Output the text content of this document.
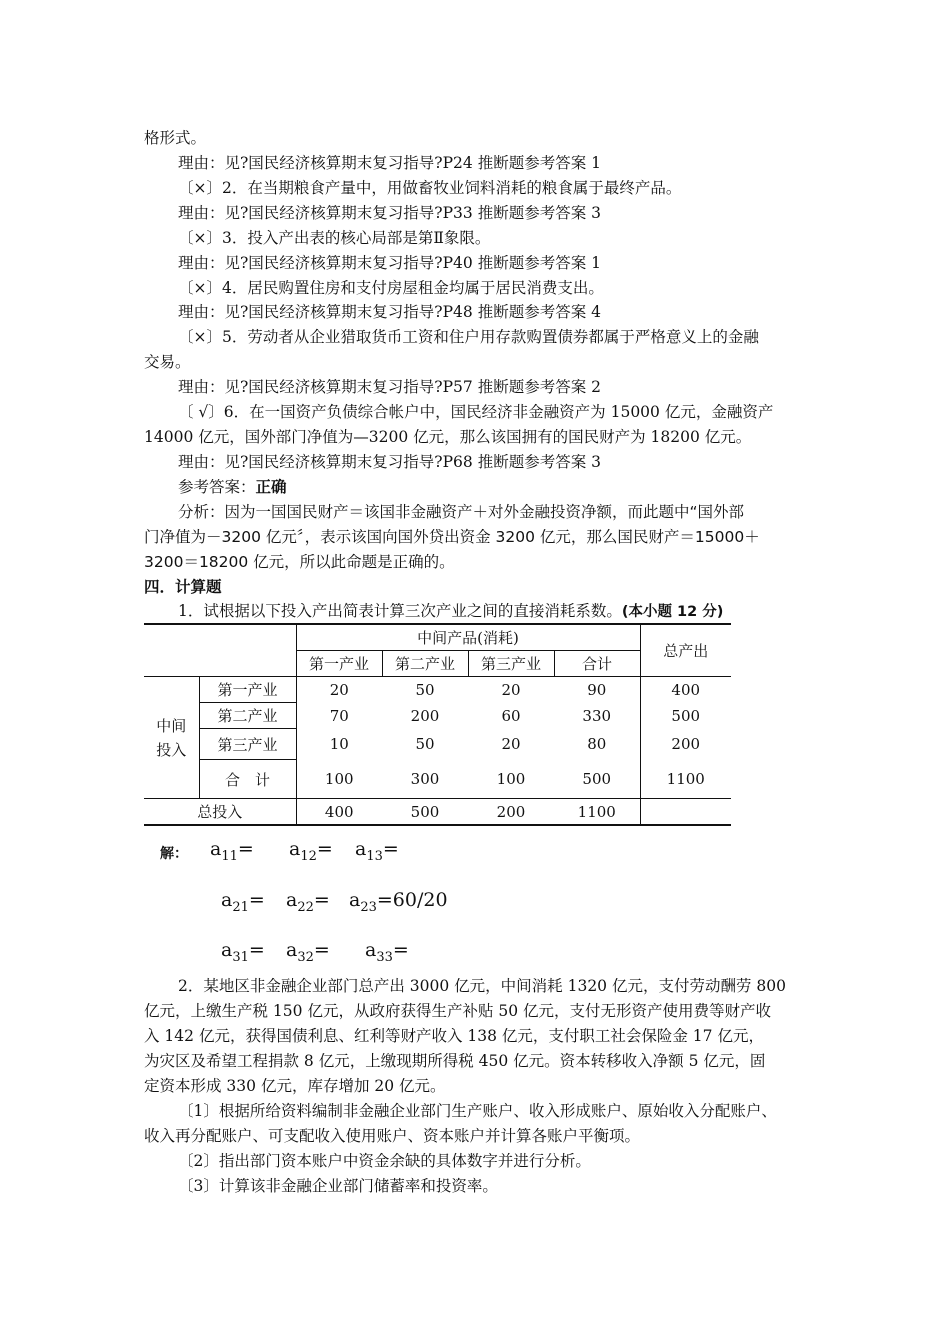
格形式。
理由：见?国民经济核算期末复习指导?P24 推断题参考答案 1
〔×〕2．在当期粮食产量中，用做畜牧业饲料消耗的粮食属于最终产品。
理由：见?国民经济核算期末复习指导?P33 推断题参考答案 3
〔×〕3．投入产出表的核心局部是第Ⅱ象限。
理由：见?国民经济核算期末复习指导?P40 推断题参考答案 1
〔×〕4．居民购置住房和支付房屋租金均属于居民消费支出。
理由：见?国民经济核算期末复习指导?P48 推断题参考答案 4
〔×〕5．劳动者从企业猎取货币工资和住户用存款购置债券都属于严格意义上的金融
交易。
理由：见?国民经济核算期末复习指导?P57 推断题参考答案 2
〔 √〕6．在一国资产负债综合帐户中，国民经济非金融资产为 15000 亿元，金融资产
14000 亿元，国外部门净值为—3200 亿元，那么该国拥有的国民财产为 18200 亿元。
理由：见?国民经济核算期末复习指导?P68 推断题参考答案 3
参考答案：正确
分析：因为一国国民财产＝该国非金融资产＋对外金融投资净额，而此题中“国外部
门净值为－3200 亿元〞，表示该国向国外贷出资金 3200 亿元，那么国民财产＝15000＋
3200＝18200 亿元，所以此命题是正确的。
四．计算题
1．试根据以下投入产出简表计算三次产业之间的直接消耗系数。(本小题 12 分)
		中间产品(消耗)				总产出
		第一产业	第二产业	第三产业	合计	
中间
投入	第一产业	20	50	20	90	400
	第二产业	70	200	60	330	500
	第三产业	10	50	20	80	200
	合　计	100	300	100	500	1100
总投入		400	500	200	1100	
解： $a_{11}= a_{12}= a_{13}=$
$a_{21}= a_{22}= a_{23}=60/20$
$a_{31}= a_{32}= a_{33}=$
2．某地区非金融企业部门总产出 3000 亿元，中间消耗 1320 亿元，支付劳动酬劳 800
亿元，上缴生产税 150 亿元，从政府获得生产补贴 50 亿元，支付无形资产使用费等财产收
入 142 亿元，获得国债利息、红利等财产收入 138 亿元，支付职工社会保险金 17 亿元，
为灾区及希望工程捐款 8 亿元，上缴现期所得税 450 亿元。资本转移收入净额 5 亿元，固
定资本形成 330 亿元，库存增加 20 亿元。
〔1〕根据所给资料编制非金融企业部门生产账户、收入形成账户、原始收入分配账户、
收入再分配账户、可支配收入使用账户、资本账户并计算各账户平衡项。
〔2〕指出部门资本账户中资金余缺的具体数字并进行分析。
〔3〕计算该非金融企业部门储蓄率和投资率。
